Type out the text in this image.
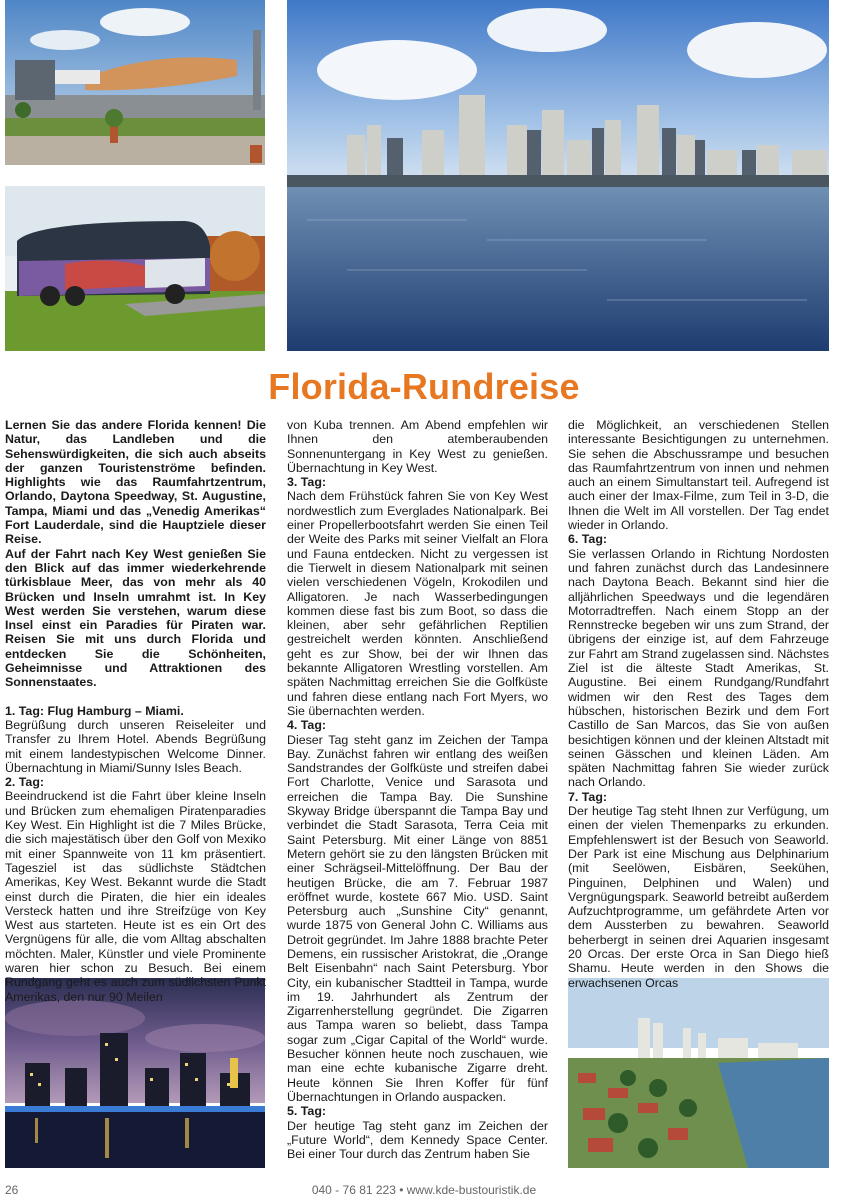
Florida-Rundreise

Lernen Sie das andere Florida kennen! Die Natur, das Landleben und die Sehenswürdigkeiten, die sich auch abseits der ganzen Touristenströme befinden. Highlights wie das Raumfahrtzentrum, Orlando, Daytona Speedway, St. Augustine, Tampa, Miami und das „Venedig Amerikas“ Fort Lauderdale, sind die Hauptziele dieser Reise.

Auf der Fahrt nach Key West genießen Sie den Blick auf das immer wiederkehrende türkisblaue Meer, das von mehr als 40 Brücken und Inseln umrahmt ist. In Key West werden Sie verstehen, warum diese Insel einst ein Paradies für Piraten war. Reisen Sie mit uns durch Florida und entdecken Sie die Schönheiten, Geheimnisse und Attraktionen des Sonnenstaates.

1. Tag: Flug Hamburg – Miami.

Begrüßung durch unseren Reiseleiter und Transfer zu Ihrem Hotel. Abends Begrüßung mit einem landestypischen Welcome Dinner. Übernachtung in Miami/Sunny Isles Beach.

2. Tag:

Beeindruckend ist die Fahrt über kleine Inseln und Brücken zum ehemaligen Piratenparadies Key West. Ein Highlight ist die 7 Miles Brücke, die sich majestätisch über den Golf von Mexiko mit einer Spannweite von 11 km präsentiert. Tagesziel ist das südlichste Städtchen Amerikas, Key West. Bekannt wurde die Stadt einst durch die Piraten, die hier ein ideales Versteck hatten und ihre Streifzüge von Key West aus starteten. Heute ist es ein Ort des Vergnügens für alle, die vom Alltag abschalten möchten. Maler, Künstler und viele Prominente waren hier schon zu Besuch. Bei einem Rundgang geht es auch zum südlichsten Punkt Amerikas, den nur 90 Meilen

von Kuba trennen. Am Abend empfehlen wir Ihnen den atemberaubenden Sonnenuntergang in Key West zu genießen. Übernachtung in Key West.

3. Tag:

Nach dem Frühstück fahren Sie von Key West nordwestlich zum Everglades Nationalpark. Bei einer Propellerbootsfahrt werden Sie einen Teil der Weite des Parks mit seiner Vielfalt an Flora und Fauna entdecken. Nicht zu vergessen ist die Tierwelt in diesem Nationalpark mit seinen vielen verschiedenen Vögeln, Krokodilen und Alligatoren. Je nach Wasserbedingungen kommen diese fast bis zum Boot, so dass die kleinen, aber sehr gefährlichen Reptilien gestreichelt werden könnten. Anschließend geht es zur Show, bei der wir Ihnen das bekannte Alligatoren Wrestling vorstellen. Am späten Nachmittag erreichen Sie die Golfküste und fahren diese entlang nach Fort Myers, wo Sie übernachten werden.

4. Tag:

Dieser Tag steht ganz im Zeichen der Tampa Bay. Zunächst fahren wir entlang des weißen Sandstrandes der Golfküste und streifen dabei Fort Charlotte, Venice und Sarasota und erreichen die Tampa Bay. Die Sunshine Skyway Bridge überspannt die Tampa Bay und verbindet die Stadt Sarasota, Terra Ceia mit Saint Petersburg. Mit einer Länge von 8851 Metern gehört sie zu den längsten Brücken mit einer Schrägseil-Mittelöffnung. Der Bau der heutigen Brücke, die am 7. Februar 1987 eröffnet wurde, kostete 667 Mio. USD. Saint Petersburg auch „Sunshine City“ genannt, wurde 1875 von General John C. Williams aus Detroit gegründet. Im Jahre 1888 brachte Peter Demens, ein russischer Aristokrat, die „Orange Belt Eisenbahn“ nach Saint Petersburg. Ybor City, ein kubanischer Stadtteil in Tampa, wurde im 19. Jahrhundert als Zentrum der Zigarrenherstellung gegründet. Die Zigarren aus Tampa waren so beliebt, dass Tampa sogar zum „Cigar Capital of the World“ wurde. Besucher können heute noch zuschauen, wie man eine echte kubanische Zigarre dreht. Heute können Sie Ihren Koffer für fünf Übernachtungen in Orlando auspacken.

5. Tag:

Der heutige Tag steht ganz im Zeichen der „Future World“, dem Kennedy Space Center. Bei einer Tour durch das Zentrum haben Sie

die Möglichkeit, an verschiedenen Stellen interessante Besichtigungen zu unternehmen. Sie sehen die Abschussrampe und besuchen das Raumfahrtzentrum von innen und nehmen auch an einem Simultanstart teil. Aufregend ist auch einer der Imax-Filme, zum Teil in 3-D, die Ihnen die Welt im All vorstellen. Der Tag endet wieder in Orlando.

6. Tag:

Sie verlassen Orlando in Richtung Nordosten und fahren zunächst durch das Landesinnere nach Daytona Beach. Bekannt sind hier die alljährlichen Speedways und die legendären Motorradtreffen. Nach einem Stopp an der Rennstrecke begeben wir uns zum Strand, der übrigens der einzige ist, auf dem Fahrzeuge zur Fahrt am Strand zugelassen sind. Nächstes Ziel ist die älteste Stadt Amerikas, St. Augustine. Bei einem Rundgang/Rundfahrt widmen wir den Rest des Tages dem hübschen, historischen Bezirk und dem Fort Castillo de San Marcos, das Sie von außen besichtigen können und der kleinen Altstadt mit seinen Gässchen und kleinen Läden. Am späten Nachmittag fahren Sie wieder zurück nach Orlando.

7. Tag:

Der heutige Tag steht Ihnen zur Verfügung, um einen der vielen Themenparks zu erkunden. Empfehlenswert ist der Besuch von Seaworld. Der Park ist eine Mischung aus Delphinarium (mit Seelöwen, Eisbären, Seekühen, Pinguinen, Delphinen und Walen) und Vergnügungspark. Seaworld betreibt außerdem Aufzuchtprogramme, um gefährdete Arten vor dem Aussterben zu bewahren. Seaworld beherbergt in seinen drei Aquarien insgesamt 20 Orcas. Der erste Orca in San Diego hieß Shamu. Heute werden in den Shows die erwachsenen Orcas

26	040 - 76 81 223 • www.kde-bustouristik.de
